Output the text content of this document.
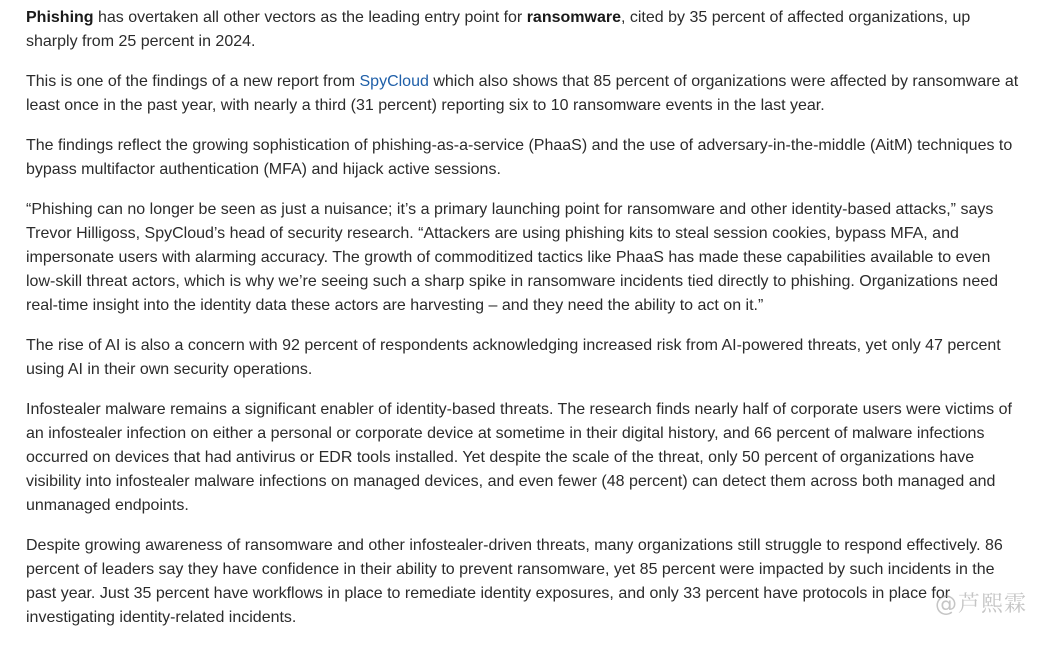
Phishing has overtaken all other vectors as the leading entry point for ransomware, cited by 35 percent of affected organizations, up sharply from 25 percent in 2024.

This is one of the findings of a new report from SpyCloud which also shows that 85 percent of organizations were affected by ransomware at least once in the past year, with nearly a third (31 percent) reporting six to 10 ransomware events in the last year.

The findings reflect the growing sophistication of phishing-as-a-service (PhaaS) and the use of adversary-in-the-middle (AitM) techniques to bypass multifactor authentication (MFA) and hijack active sessions.

“Phishing can no longer be seen as just a nuisance; it’s a primary launching point for ransomware and other identity-based attacks,” says Trevor Hilligoss, SpyCloud’s head of security research. “Attackers are using phishing kits to steal session cookies, bypass MFA, and impersonate users with alarming accuracy. The growth of commoditized tactics like PhaaS has made these capabilities available to even low-skill threat actors, which is why we’re seeing such a sharp spike in ransomware incidents tied directly to phishing. Organizations need real-time insight into the identity data these actors are harvesting – and they need the ability to act on it.”

The rise of AI is also a concern with 92 percent of respondents acknowledging increased risk from AI-powered threats, yet only 47 percent using AI in their own security operations.

Infostealer malware remains a significant enabler of identity-based threats. The research finds nearly half of corporate users were victims of an infostealer infection on either a personal or corporate device at sometime in their digital history, and 66 percent of malware infections occurred on devices that had antivirus or EDR tools installed. Yet despite the scale of the threat, only 50 percent of organizations have visibility into infostealer malware infections on managed devices, and even fewer (48 percent) can detect them across both managed and unmanaged endpoints.

Despite growing awareness of ransomware and other infostealer-driven threats, many organizations still struggle to respond effectively. 86 percent of leaders say they have confidence in their ability to prevent ransomware, yet 85 percent were impacted by such incidents in the past year. Just 35 percent have workflows in place to remediate identity exposures, and only 33 percent have protocols in place for investigating identity-related incidents.

@芦熙霖
